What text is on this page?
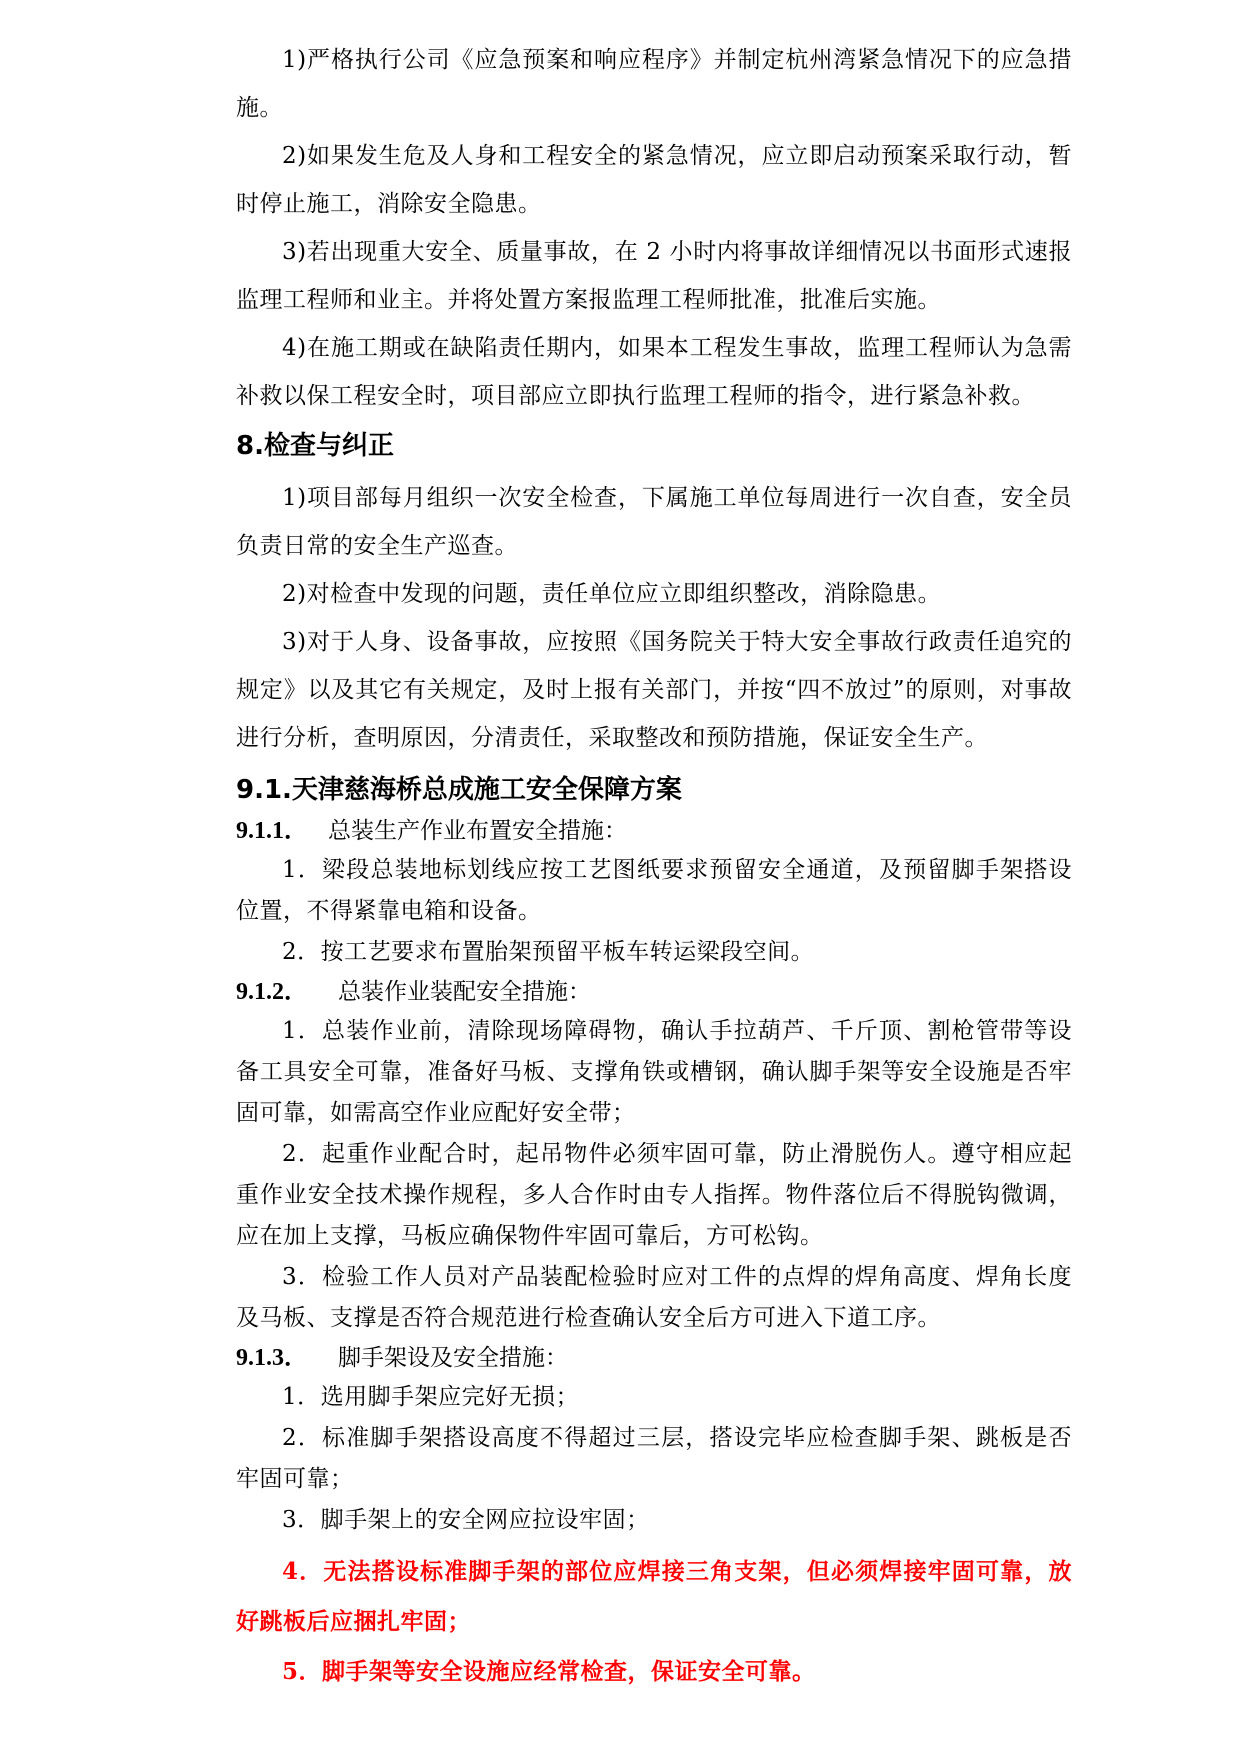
1)严格执行公司《应急预案和响应程序》并制定杭州湾紧急情况下的应急措施。

2)如果发生危及人身和工程安全的紧急情况，应立即启动预案采取行动，暂时停止施工，消除安全隐患。

3)若出现重大安全、质量事故，在 2 小时内将事故详细情况以书面形式速报监理工程师和业主。并将处置方案报监理工程师批准，批准后实施。

4)在施工期或在缺陷责任期内，如果本工程发生事故，监理工程师认为急需补救以保工程安全时，项目部应立即执行监理工程师的指令，进行紧急补救。

8.检查与纠正

1)项目部每月组织一次安全检查，下属施工单位每周进行一次自查，安全员负责日常的安全生产巡查。

2)对检查中发现的问题，责任单位应立即组织整改，消除隐患。

3)对于人身、设备事故，应按照《国务院关于特大安全事故行政责任追究的规定》以及其它有关规定，及时上报有关部门，并按“四不放过”的原则，对事故进行分析，查明原因，分清责任，采取整改和预防措施，保证安全生产。

9.1.天津慈海桥总成施工安全保障方案

9.1.1． 总装生产作业布置安全措施：

1．梁段总装地标划线应按工艺图纸要求预留安全通道，及预留脚手架搭设位置，不得紧靠电箱和设备。

2．按工艺要求布置胎架预留平板车转运梁段空间。

9.1.2． 总装作业装配安全措施：

1．总装作业前，清除现场障碍物，确认手拉葫芦、千斤顶、割枪管带等设备工具安全可靠，准备好马板、支撑角铁或槽钢，确认脚手架等安全设施是否牢固可靠，如需高空作业应配好安全带；

2．起重作业配合时，起吊物件必须牢固可靠，防止滑脱伤人。遵守相应起重作业安全技术操作规程，多人合作时由专人指挥。物件落位后不得脱钩微调，应在加上支撑，马板应确保物件牢固可靠后，方可松钩。

3．检验工作人员对产品装配检验时应对工件的点焊的焊角高度、焊角长度及马板、支撑是否符合规范进行检查确认安全后方可进入下道工序。

9.1.3． 脚手架设及安全措施：

1．选用脚手架应完好无损；

2．标准脚手架搭设高度不得超过三层，搭设完毕应检查脚手架、跳板是否牢固可靠；

3．脚手架上的安全网应拉设牢固；

4．无法搭设标准脚手架的部位应焊接三角支架，但必须焊接牢固可靠，放好跳板后应捆扎牢固；

5．脚手架等安全设施应经常检查，保证安全可靠。
